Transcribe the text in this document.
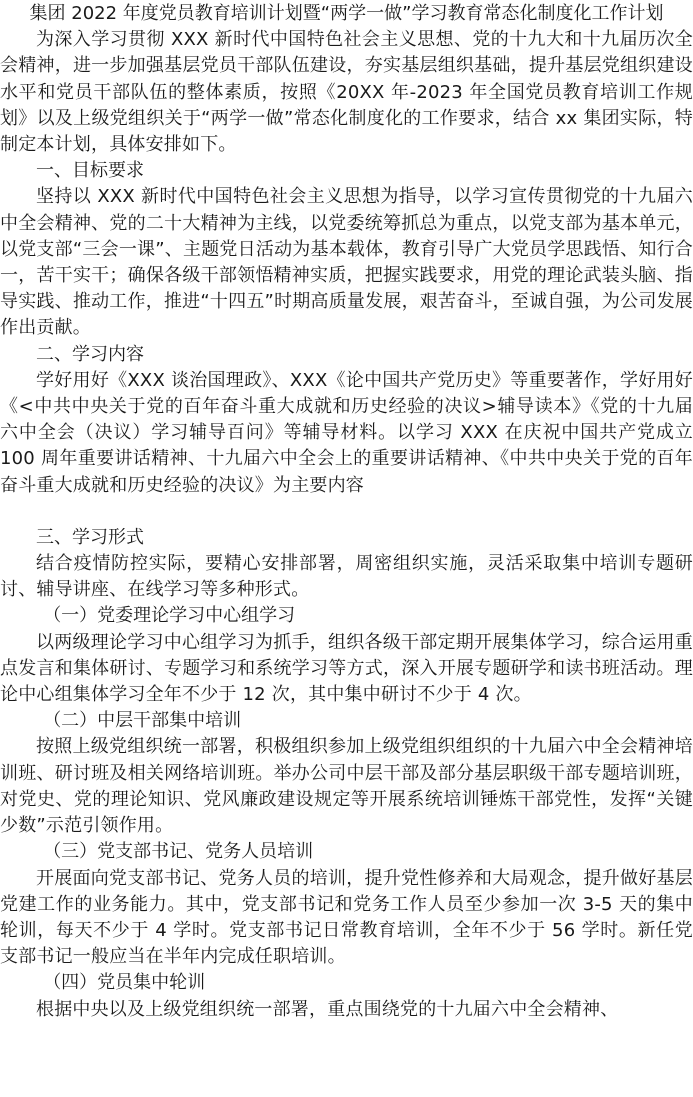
集团 2022 年度党员教育培训计划暨“两学一做”学习教育常态化制度化工作计划

为深入学习贯彻 XXX 新时代中国特色社会主义思想、党的十九大和十九届历次全会精神，进一步加强基层党员干部队伍建设，夯实基层组织基础，提升基层党组织建设水平和党员干部队伍的整体素质，按照《20XX 年-2023 年全国党员教育培训工作规划》以及上级党组织关于“两学一做”常态化制度化的工作要求，结合 xx 集团实际，特制定本计划，具体安排如下。

一、目标要求

坚持以 XXX 新时代中国特色社会主义思想为指导，以学习宣传贯彻党的十九届六中全会精神、党的二十大精神为主线，以党委统筹抓总为重点，以党支部为基本单元，以党支部“三会一课”、主题党日活动为基本载体，教育引导广大党员学思践悟、知行合一，苦干实干；确保各级干部领悟精神实质，把握实践要求，用党的理论武装头脑、指导实践、推动工作，推进“十四五”时期高质量发展，艰苦奋斗，至诚自强，为公司发展作出贡献。

二、学习内容

学好用好《XXX 谈治国理政》、XXX《论中国共产党历史》等重要著作，学好用好《<中共中央关于党的百年奋斗重大成就和历史经验的决议>辅导读本》《党的十九届六中全会（决议）学习辅导百问》等辅导材料。以学习 XXX 在庆祝中国共产党成立 100 周年重要讲话精神、十九届六中全会上的重要讲话精神、《中共中央关于党的百年奋斗重大成就和历史经验的决议》为主要内容

三、学习形式

结合疫情防控实际，要精心安排部署，周密组织实施，灵活采取集中培训专题研讨、辅导讲座、在线学习等多种形式。

（一）党委理论学习中心组学习

以两级理论学习中心组学习为抓手，组织各级干部定期开展集体学习，综合运用重点发言和集体研讨、专题学习和系统学习等方式，深入开展专题研学和读书班活动。理论中心组集体学习全年不少于 12 次，其中集中研讨不少于 4 次。

（二）中层干部集中培训

按照上级党组织统一部署，积极组织参加上级党组织组织的十九届六中全会精神培训班、研讨班及相关网络培训班。举办公司中层干部及部分基层职级干部专题培训班，对党史、党的理论知识、党风廉政建设规定等开展系统培训锤炼干部党性，发挥“关键少数”示范引领作用。

（三）党支部书记、党务人员培训

开展面向党支部书记、党务人员的培训，提升党性修养和大局观念，提升做好基层党建工作的业务能力。其中，党支部书记和党务工作人员至少参加一次 3-5 天的集中轮训，每天不少于 4 学时。党支部书记日常教育培训，全年不少于 56 学时。新任党支部书记一般应当在半年内完成任职培训。

（四）党员集中轮训

根据中央以及上级党组织统一部署，重点围绕党的十九届六中全会精神、
